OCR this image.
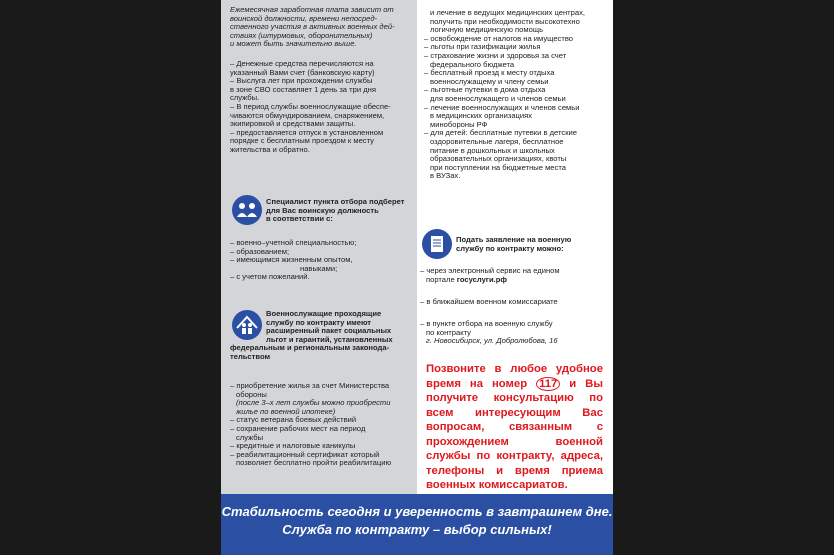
Ежемесячная заработная плата зависит от
воинской должности, времени непосред-
ственного участия в активных военных дей-
ствиях (штурмовых, оборонительных)
и может быть значительно выше.
– Денежные средства перечисляются на
указанный Вами счет (банковскую карту)
– Выслуга лет при прохождении службы
в зоне СВО составляет 1 день за три дня
службы.
– В период службы военнослужащие обеспе-
чиваются обмундированием, снаряжением,
экипировкой и средствами защиты.
– предоставляется отпуск в установленном
порядке с бесплатным проездом к месту
жительства и обратно.
Специалист пункта отбора подберет
для Вас воинскую должность
в соответствии с:
– военно–учетной специальностью;
– образованием;
– имеющимся жизненным опытом,
навыками;
– с учетом пожеланий.
Военнослужащие проходящие
службу по контракту имеют
расширенный пакет социальных
льгот и гарантий, установленных
федеральным и региональным законода-
тельством
– приобретение жилья за счет Министерства
обороны
(после 3–х лет службы можно приобрести
жилье по военной ипотеке)
– статус ветерана боевых действий
– сохранение рабочих мест на период
службы
– кредитные и налоговые каникулы
– реабилитационный сертификат который
позволяет бесплатно пройти реабилитацию
и лечение в ведущих медицинских центрах,
получить при необходимости высокотехно
логичную медицинскую помощь
– освобождение от налогов на имущество
– льготы при газификации жилья
– страхование жизни и здоровья за счет
федерального бюджета
– бесплатный проезд к месту отдыха
военнослужащему и члену семьи
– льготные путевки в дома отдыха
для военнослужащего и членов семьи
– лечение военнослужащих и членов семьи
в медицинских организациях
минобороны РФ
– для детей: бесплатные путевки в детские
оздоровительные лагеря, бесплатное
питание в дошкольных и школьных
образовательных организациях, квоты
при поступлении на бюджетные места
в ВУЗах.
Подать заявление на военную
службу по контракту можно:
– через электронный сервис на едином
портале госуслуги.рф
– в ближайшем военном комиссариате
– в пункте отбора на военную службу
по контракту
г. Новосибирск, ул. Добролюбова, 16
Позвоните в любое удобное время на номер 117 и Вы получите консультацию по всем интересующим Вас вопросам, связанным с прохождением военной службы по контракту, адреса, телефоны и время приема военных комиссариатов.
Стабильность сегодня и уверенность в завтрашнем дне.
Служба по контракту – выбор сильных!
